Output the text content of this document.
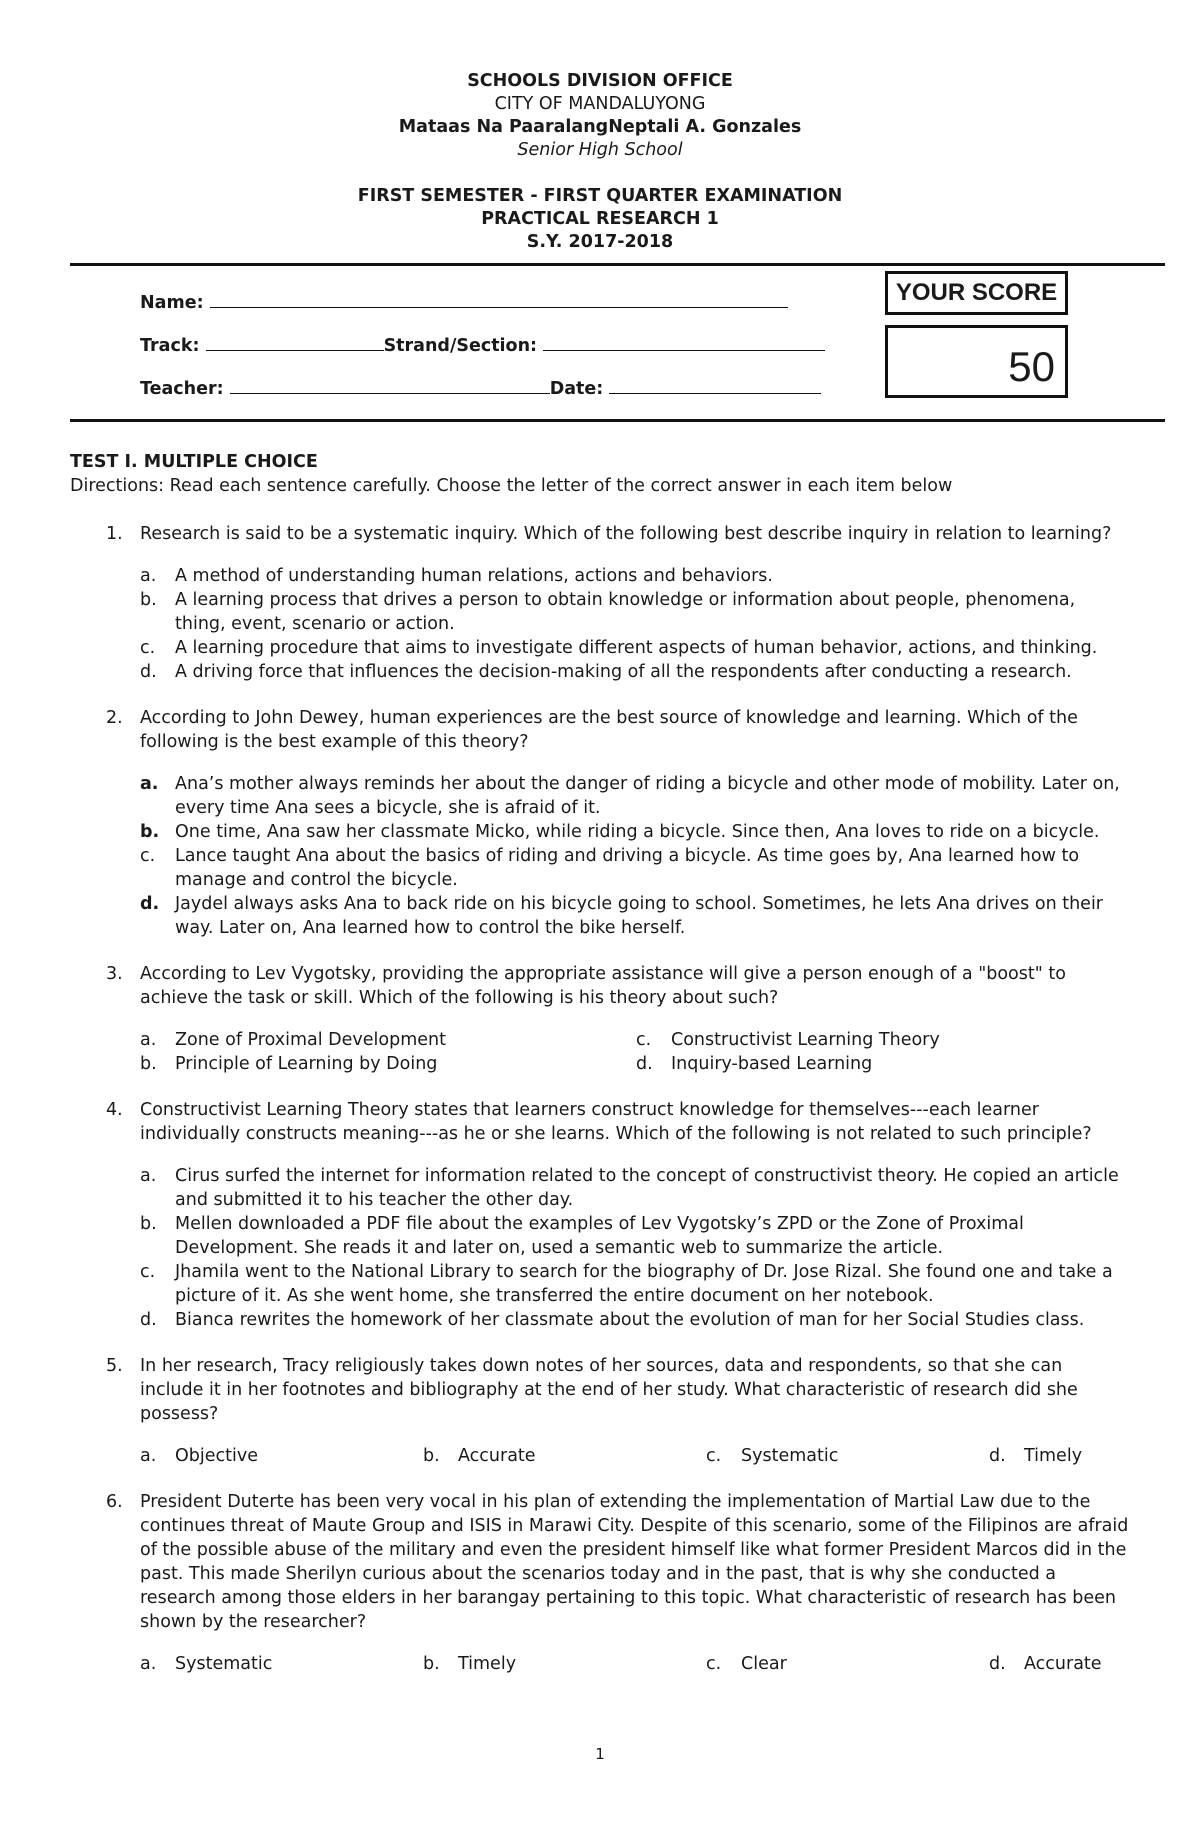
SCHOOLS DIVISION OFFICE
CITY OF MANDALUYONG
Mataas Na PaaralangNeptali A. Gonzales
Senior High School
FIRST SEMESTER - FIRST QUARTER EXAMINATION
PRACTICAL RESEARCH 1
S.Y. 2017-2018
Name:
Track:	Strand/Section:
Teacher:	Date:
YOUR SCORE
50
TEST I. MULTIPLE CHOICE
Directions: Read each sentence carefully. Choose the letter of the correct answer in each item below
1. Research is said to be a systematic inquiry. Which of the following best describe inquiry in relation to learning?
a. A method of understanding human relations, actions and behaviors.
b. A learning process that drives a person to obtain knowledge or information about people, phenomena, thing, event, scenario or action.
c. A learning procedure that aims to investigate different aspects of human behavior, actions, and thinking.
d. A driving force that influences the decision-making of all the respondents after conducting a research.
2. According to John Dewey, human experiences are the best source of knowledge and learning. Which of the following is the best example of this theory?
a. Ana’s mother always reminds her about the danger of riding a bicycle and other mode of mobility. Later on, every time Ana sees a bicycle, she is afraid of it.
b. One time, Ana saw her classmate Micko, while riding a bicycle. Since then, Ana loves to ride on a bicycle.
c. Lance taught Ana about the basics of riding and driving a bicycle. As time goes by, Ana learned how to manage and control the bicycle.
d. Jaydel always asks Ana to back ride on his bicycle going to school. Sometimes, he lets Ana drives on their way. Later on, Ana learned how to control the bike herself.
3. According to Lev Vygotsky, providing the appropriate assistance will give a person enough of a "boost" to achieve the task or skill. Which of the following is his theory about such?
a. Zone of Proximal Development	c. Constructivist Learning Theory
b. Principle of Learning by Doing	d. Inquiry-based Learning
4. Constructivist Learning Theory states that learners construct knowledge for themselves---each learner individually constructs meaning---as he or she learns. Which of the following is not related to such principle?
a. Cirus surfed the internet for information related to the concept of constructivist theory. He copied an article and submitted it to his teacher the other day.
b. Mellen downloaded a PDF file about the examples of Lev Vygotsky’s ZPD or the Zone of Proximal Development. She reads it and later on, used a semantic web to summarize the article.
c. Jhamila went to the National Library to search for the biography of Dr. Jose Rizal. She found one and take a picture of it. As she went home, she transferred the entire document on her notebook.
d. Bianca rewrites the homework of her classmate about the evolution of man for her Social Studies class.
5. In her research, Tracy religiously takes down notes of her sources, data and respondents, so that she can include it in her footnotes and bibliography at the end of her study. What characteristic of research did she possess?
a. Objective	b. Accurate	c. Systematic	d. Timely
6. President Duterte has been very vocal in his plan of extending the implementation of Martial Law due to the continues threat of Maute Group and ISIS in Marawi City. Despite of this scenario, some of the Filipinos are afraid of the possible abuse of the military and even the president himself like what former President Marcos did in the past. This made Sherilyn curious about the scenarios today and in the past, that is why she conducted a research among those elders in her barangay pertaining to this topic. What characteristic of research has been shown by the researcher?
a. Systematic	b. Timely	c. Clear	d. Accurate
1
